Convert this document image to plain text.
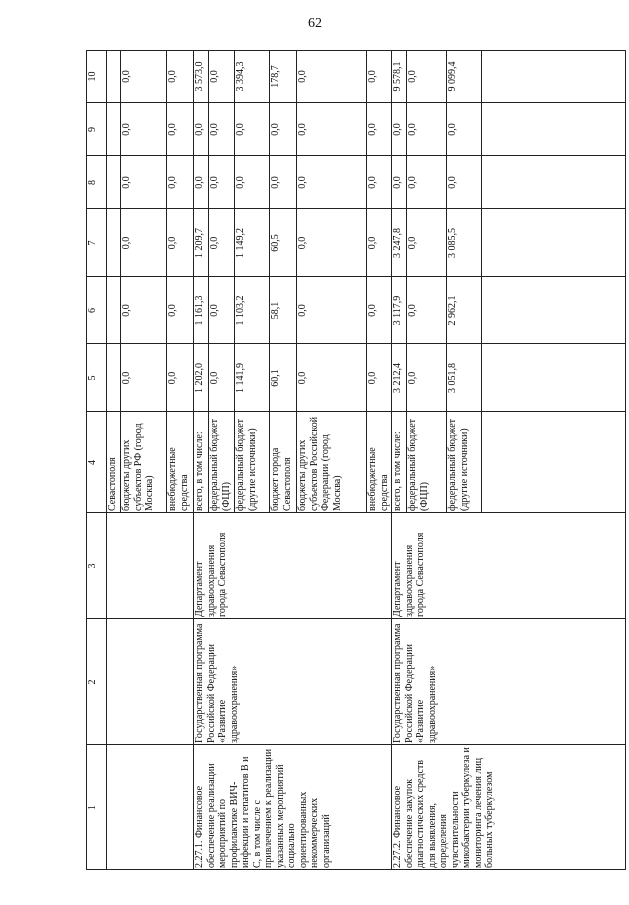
62
1
2
3
4
5
6
7
8
9
10
Севастополя бюджеты других субъектов РФ (город Москва)
0,0
0,0
0,0
0,0
0,0
0,0
внебюджетные средства
0,0
0,0
0,0
0,0
0,0
0,0
2.27.1. Финансовое обеспечение реализации мероприятий по профилактике ВИЧ-инфекции и гепатитов В и С, в том числе с привлечением к реализации указанных мероприятий социально ориентированных некоммерческих организаций
Государственная программа Российской Федерации «Развитие здравоохранения»
Департамент здравоохранения города Севастополя
всего, в том числе:
1 202,0
1 161,3
1 209,7
0,0
0,0
3 573,0
федеральный бюджет (ФЦП)
0,0
0,0
0,0
0,0
0,0
0,0
федеральный бюджет (другие источники)
1 141,9
1 103,2
1 149,2
0,0
0,0
3 394,3
бюджет города Севастополя
60,1
58,1
60,5
0,0
0,0
178,7
бюджеты других субъектов Российской Федерации (город Москва)
0,0
0,0
0,0
0,0
0,0
0,0
внебюджетные средства
0,0
0,0
0,0
0,0
0,0
0,0
2.27.2. Финансовое обеспечение закупок диагностических средств для выявления, определения чувствительности микобактерии туберкулеза и мониторинга лечения лиц больных туберкулезом
Государственная программа Российской Федерации «Развитие здравоохранения»
Департамент здравоохранения города Севастополя
всего, в том числе:
3 212,4
3 117,9
3 247,8
0,0
0,0
9 578,1
федеральный бюджет (ФЦП)
0,0
0,0
0,0
0,0
0,0
0,0
федеральный бюджет (другие источники)
3 051,8
2 962,1
3 085,5
0,0
0,0
9 099,4
